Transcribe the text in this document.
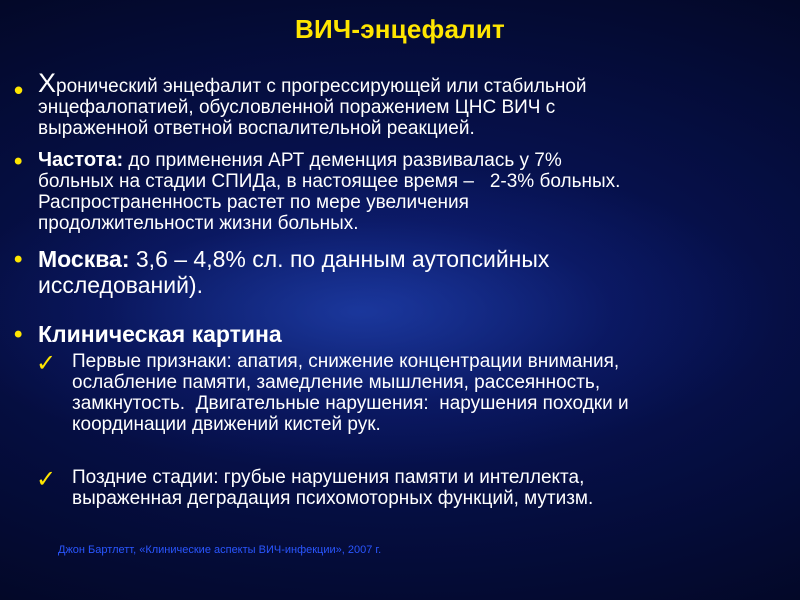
ВИЧ-энцефалит
• Хронический энцефалит с прогрессирующей или стабильной
энцефалопатией, обусловленной поражением ЦНС ВИЧ с
выраженной ответной воспалительной реакцией.
• Частота: до применения АРТ деменция развивалась у 7%
больных на стадии СПИДа, в настоящее время –   2-3% больных.
Распространенность растет по мере увеличения
продолжительности жизни больных.
• Москва: 3,6 – 4,8% сл. по данным аутопсийных
исследований).
• Клиническая картина
✓ Первые признаки: апатия, снижение концентрации внимания,
ослабление памяти, замедление мышления, рассеянность,
замкнутость.  Двигательные нарушения:  нарушения походки и
координации движений кистей рук.
✓ Поздние стадии: грубые нарушения памяти и интеллекта,
выраженная деградация психомоторных функций, мутизм.
Джон Бартлетт, «Клинические аспекты ВИЧ-инфекции», 2007 г.
